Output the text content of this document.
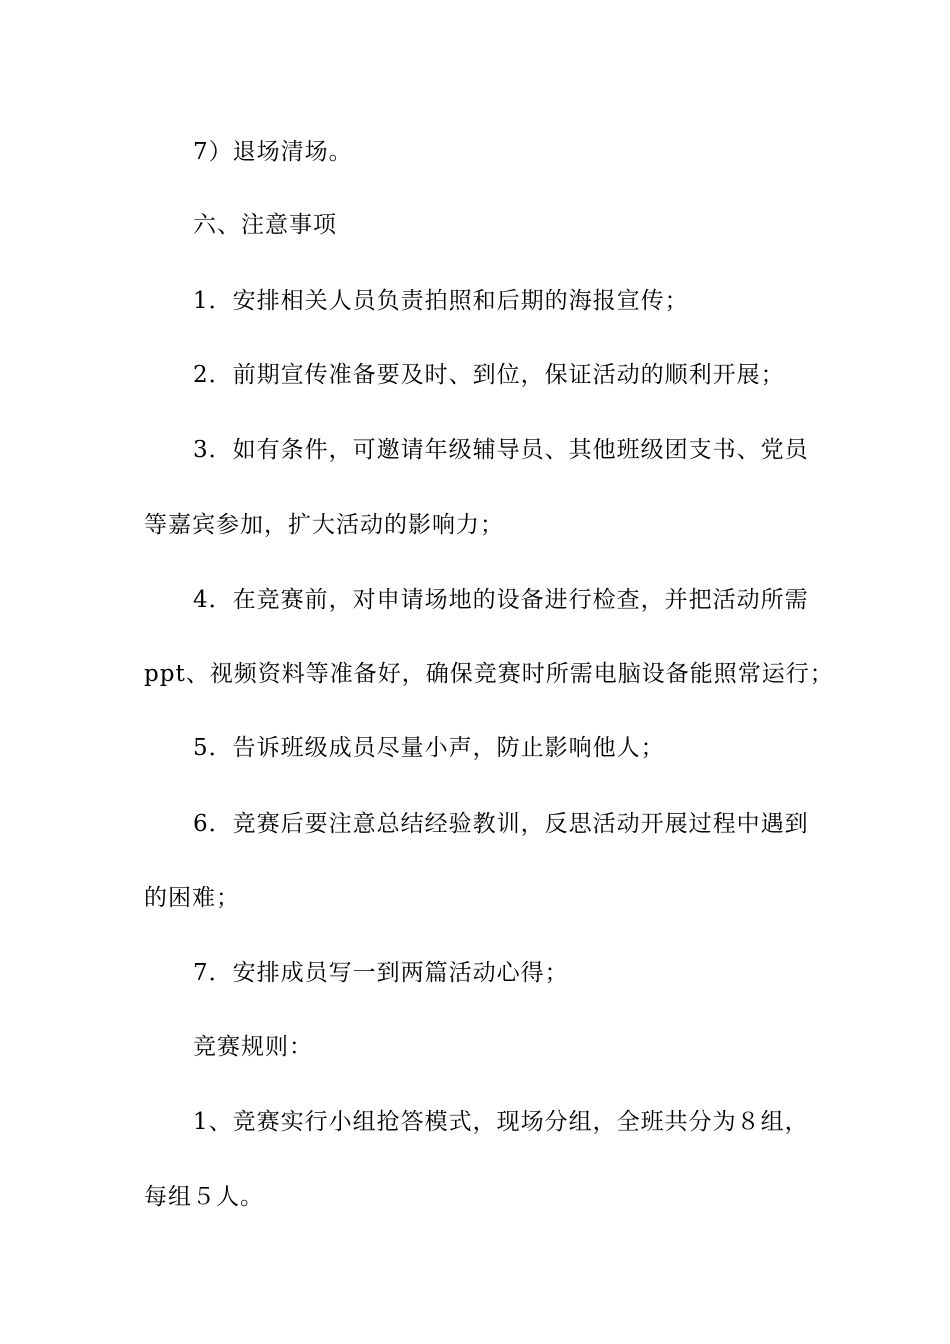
7）退场清场。
六、注意事项
1．安排相关人员负责拍照和后期的海报宣传；
2．前期宣传准备要及时、到位，保证活动的顺利开展；
3．如有条件，可邀请年级辅导员、其他班级团支书、党员
等嘉宾参加，扩大活动的影响力；
4．在竞赛前，对申请场地的设备进行检查，并把活动所需
ppt、视频资料等准备好，确保竞赛时所需电脑设备能照常运行；
5．告诉班级成员尽量小声，防止影响他人；
6．竞赛后要注意总结经验教训，反思活动开展过程中遇到
的困难；
7．安排成员写一到两篇活动心得；
竞赛规则：
1、竞赛实行小组抢答模式，现场分组，全班共分为８组，
每组５人。
